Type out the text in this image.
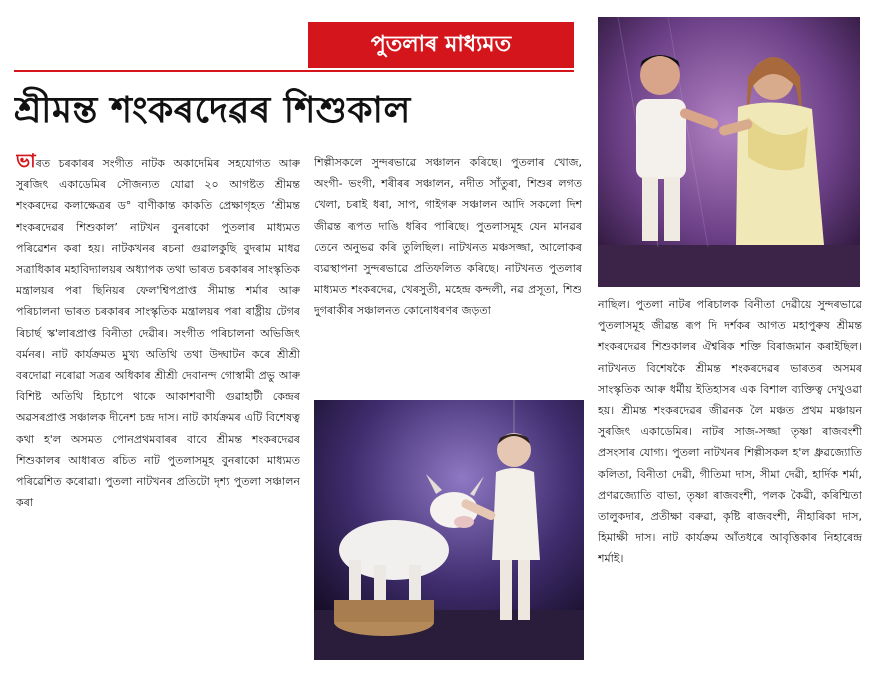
পুতলাৰ মাধ্যমত
শ্ৰীমন্ত শংকৰদেৱৰ শিশুকাল

ভাৰত চৰকাৰৰ সংগীত নাটক অকাদেমিৰ সহযোগত আৰু সুৰজিৎ একাডেমিৰ সৌজন্যত যোৱা ২০ আগষ্টত শ্ৰীমন্ত শংকৰদেৱ কলাক্ষেত্ৰৰ ড° বাণীকান্ত কাকতি প্ৰেক্ষাগৃহত ‘শ্ৰীমন্ত শংকৰদেৱৰ শিশুকাল’ নাটখন বুনৰাকো পুতলাৰ মাধ্যমত পৰিৱেশন কৰা হয়। নাটকখনৰ ৰচনা গুৱালকুছি বুদৰাম মাধৱ সত্ৰাধিকাৰ মহাবিদ্যালয়ৰ অধ্যাপক তথা ভাৰত চৰকাৰৰ সাংস্কৃতিক মন্ত্ৰালয়ৰ পৰা ছিনিয়ৰ ফেল'শ্বিপপ্ৰাপ্ত সীমান্ত শৰ্মাৰ আৰু পৰিচালনা ভাৰত চৰকাৰৰ সাংস্কৃতিক মন্ত্ৰালয়ৰ পৰা ৰাষ্ট্ৰীয় টেগৰ ৰিচাৰ্ছ স্ক'লাৰপ্ৰাপ্ত বিনীতা দেৱীৰ। সংগীত পৰিচালনা অভিজিৎ বৰ্মনৰ। নাট কাৰ্যক্ৰমত মুখ্য অতিথি তথা উদ্ঘাটন কৰে শ্ৰীশ্ৰী বৰদোৱা নৰোৱা সত্ৰৰ অধিকাৰ শ্ৰীশ্ৰী দেবানন্দ গোস্বামী প্ৰভু আৰু বিশিষ্ট অতিথি হিচাপে থাকে আকাশবাণী গুৱাহাটী কেন্দ্ৰৰ অৱসৰপ্ৰাপ্ত সঞ্চালক দীনেশ চন্দ্ৰ দাস। নাট কাৰ্যক্ৰমৰ এটি বিশেষত্ব কথা হ'ল অসমত পোনপ্ৰথমবাৰৰ বাবে শ্ৰীমন্ত শংকৰদেৱৰ শিশুকালৰ আধাৰত ৰচিত নাট পুতলাসমূহ বুনৰাকো মাধ্যমত পৰিৱেশিত কৰোৱা। পুতলা নাটখনৰ প্ৰতিটো দৃশ্য পুতলা সঞ্চালন কৰা

শিল্পীসকলে সুন্দৰভাৱে সঞ্চালন কৰিছে। পুতলাৰ খোজ, অংগী- ভংগী, শৰীৰৰ সঞ্চালন, নদীত সাঁতুৰা, শিশুৰ লগত খেলা, চৰাই ধৰা, সাপ, গাইগৰু সঞ্চালন আদি সকলো দিশ জীৱন্ত ৰূপত দাঙি ধৰিব পাৰিছে। পুতলাসমূহ যেন মানৱৰ তেনে অনুভৱ কৰি তুলিছিল। নাটখনত মঞ্চসজ্জা, আলোকৰ ব্যৱস্থাপনা সুন্দৰভাৱে প্ৰতিফলিত কৰিছে। নাটখনত পুতলাৰ মাধ্যমত শংকৰদেৱ, খেৰসুতী, মহেন্দ্ৰ কন্দলী, নৱ প্ৰসূতা, শিশু দুগৰাকীৰ সঞ্চালনত কোনোধৰণৰ জড়তা	নাছিল। পুতলা নাটৰ পৰিচালক বিনীতা দেৱীয়ে সুন্দৰভাৱে পুতলাসমূহ জীৱন্ত ৰূপ দি দৰ্শকৰ আগত মহাপুৰুষ শ্ৰীমন্ত শংকৰদেৱৰ শিশুকালৰ ঐশ্বৰিক শক্তি বিৰাজমান কৰাইছিল। নাটখনত বিশেষকৈ শ্ৰীমন্ত শংকৰদেৱৰ ভাৰতৰ অসমৰ সাংস্কৃতিক আৰু ধৰ্মীয় ইতিহাসৰ এক বিশাল ব্যক্তিত্ব দেখুওৱা হয়। শ্ৰীমন্ত শংকৰদেৱৰ জীৱনক লৈ মঞ্চত প্ৰথম মঞ্চায়ন সুৰজিৎ একাডেমিৰ। নাটৰ সাজ-সজ্জা তৃষ্ণা ৰাজবংশী প্ৰসংসাৰ যোগ্য। পুতলা নাটখনৰ শিল্পীসকল হ'ল ধ্ৰুৱজ্যোতি কলিতা, বিনীতা দেৱী, গীতিমা দাস, সীমা দেৱী, হাৰ্দিক শৰ্মা, প্ৰণৱজ্যোতি বাভা, তৃষ্ণা ৰাজবংশী, পলক কৈৱী, কৰিশ্মিতা তালুকদাৰ, প্ৰতীক্ষা বৰুৱা, কৃষ্টি ৰাজবংশী, নীহাৰিকা দাস, হিমাক্ষী দাস। নাট কাৰ্যক্ৰম আঁতধৰে আবৃত্তিকাৰ নিহাৰেন্দ্ৰ শৰ্মাই।
